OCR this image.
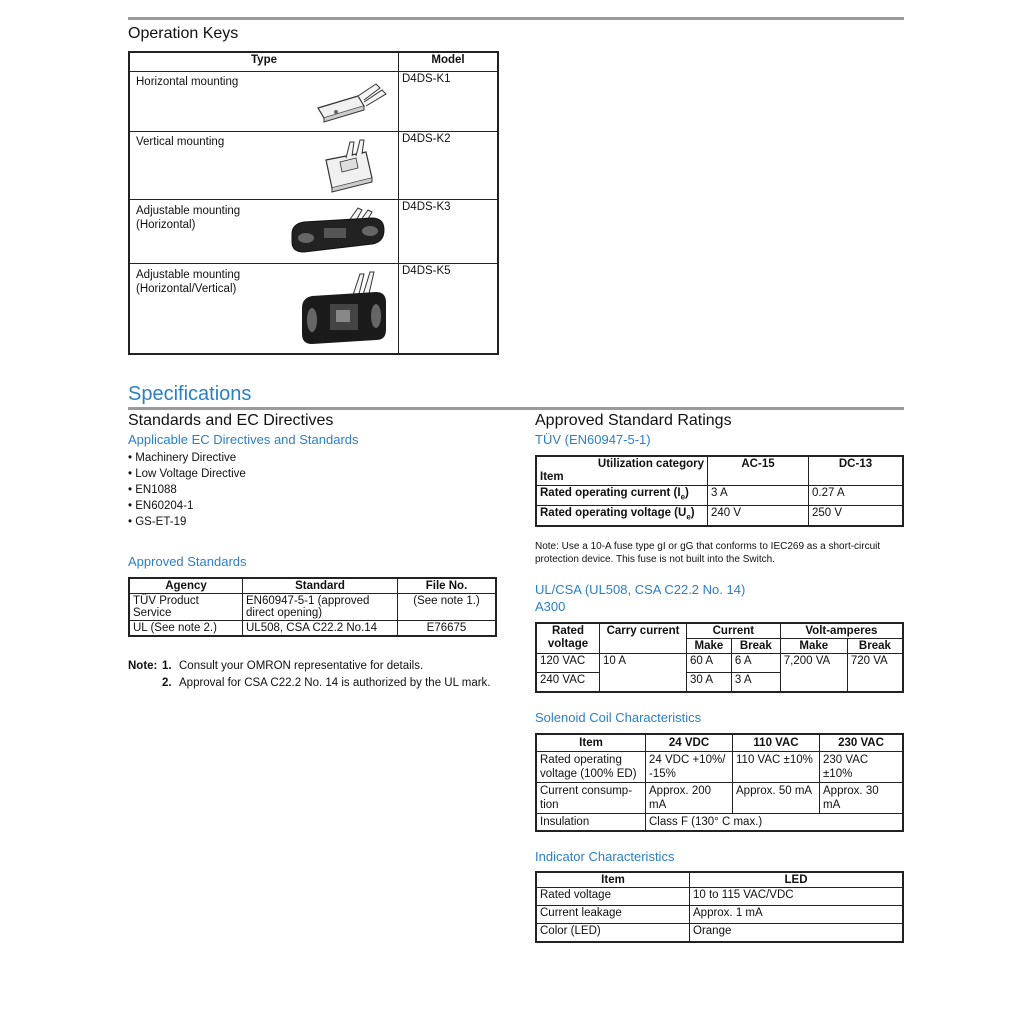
Operation Keys
Type	Model

Horizontal mounting	D4DS-K1

Vertical mounting	D4DS-K2

Adjustable mounting
(Horizontal)	D4DS-K3

Adjustable mounting
(Horizontal/Vertical)	D4DS-K5
Specifications
Standards and EC Directives
Applicable EC Directives and Standards
• Machinery Directive
• Low Voltage Directive
• EN1088
• EN60204-1
• GS-ET-19
Approved Standards
Agency	Standard	File No.
TÜV Product Service	EN60947-5-1 (approved direct opening)	(See note 1.)
UL (See note 2.)	UL508, CSA C22.2 No.14	E76675
Note: 1. Consult your OMRON representative for details.
2. Approval for CSA C22.2 No. 14 is authorized by the UL mark.
Approved Standard Ratings
TÜV (EN60947-5-1)
Utilization category
Item	AC-15	DC-13
Rated operating current $(I_e)$	3 A	0.27 A
Rated operating voltage $(U_e)$	240 V	250 V
Note: Use a 10-A fuse type gI or gG that conforms to IEC269 as a short-circuit protection device. This fuse is not built into the Switch.
UL/CSA (UL508, CSA C22.2 No. 14)
A300
Rated voltage	Carry current	Current		Volt-amperes	
		Make	Break	Make	Break
120 VAC	10 A	60 A	6 A	7,200 VA	720 VA
240 VAC		30 A	3 A		
Solenoid Coil Characteristics
Item	24 VDC	110 VAC	230 VAC
Rated operating voltage (100% ED)	24 VDC +10%/ -15%	110 VAC ±10%	230 VAC ±10%
Current consump- tion	Approx. 200 mA	Approx. 50 mA	Approx. 30 mA
Insulation	Class F (130° C max.)		
Indicator Characteristics
Item	LED
Rated voltage	10 to 115 VAC/VDC
Current leakage	Approx. 1 mA
Color (LED)	Orange
